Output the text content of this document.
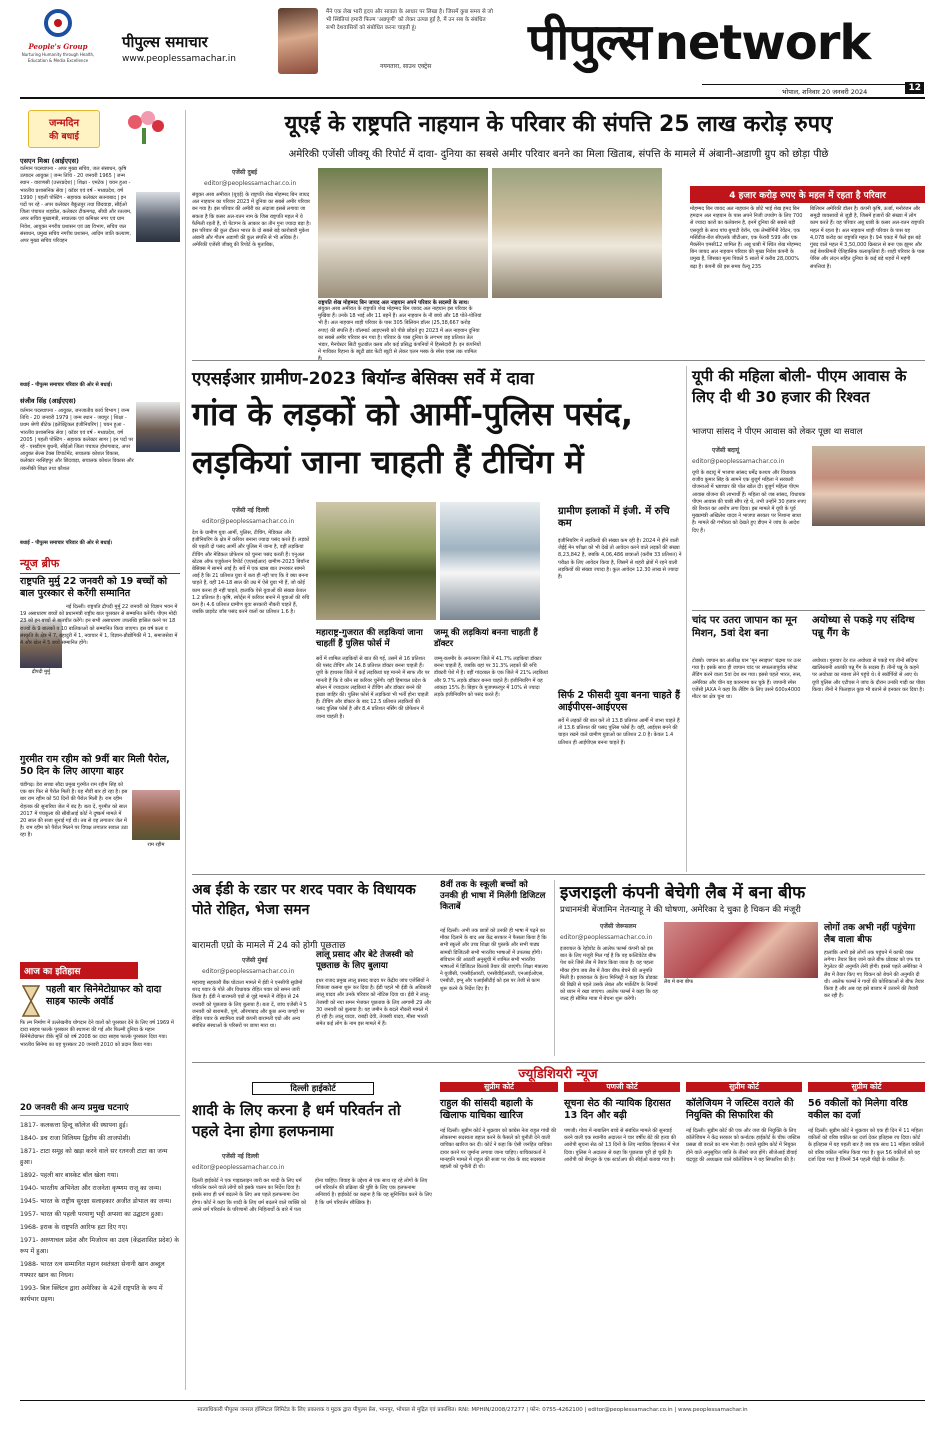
People's Group
Nurturing Humanity through Health, Education & Media Excellence
पीपुल्स समाचार
www.peoplessamachar.in
मैंने एक लेख भारी हृदय और सावता के आधार पर लिखा है। जिसमें कुछ समय से जो भी स्थितियां हमारी फिल्म 'अन्नपूर्णी' को लेकर उत्पन्न हुई है, मैं उन सब के संबंधित सभी देशवासियों को संबोधित करना चाहती हूं।
नयनतारा, साउथ एक्ट्रेस पीपुल्सnetwork
भोपाल, शनिवार 20 जनवरी 2024	12
जन्मदिन
की बधाई
एसएन मिश्रा (आईएएस)
वर्तमान पदस्थापना - अपर मुख्य सचिव, जल संसाधन, कृषि उत्पादन आयुक्त | जन्म तिथि - 20 जनवरी 1965 | जन्म स्थान - वाराणसी (उत्तरप्रदेश) | शिक्षा - एमटेक | चयन हुआ - भारतीय प्रशासनिक सेवा | कॉडर एवं वर्ष - मध्यप्रदेश, वर्ष 1990 | पहली पोस्टिंग - सहायक कलेक्टर सतनाबाद | इन पदों पर रहे - अपर कलेक्टर बैकुंठपुर तथा छिंदवाड़ा, सीईओ जिला पंचायत शहडोल, कलेक्टर टीकमगढ़, सीधी और रतलाम, अपर सचिव मुख्यमंत्री, सचालक एवं कमिश्नर नगर एवं ग्राम निवेश, आयुक्त नगरीय प्रशासन एवं उद्य विभाग, सचिव जल संसाधन, प्रमुख सचिव नगरीय प्रशासन, आदिम जाति कल्याण, अपर मुख्य सचिव परिवहन
बधाई - पीपुल्स समाचार परिवार की ओर से बधाई।
संजीव सिंह (आईएएस)
वर्तमान पदस्थापना - आयुक्त, जनजातीय कार्य विभाग | जन्म तिथि - 20 जनवरी 1979 | जन्म स्थान - जयपुर | शिक्षा - प्रथम श्रेणी बीटेक (इलेक्ट्रिकल इंजीनियरिंग) | चयन हुआ - भारतीय प्रशासनिक सेवा | कॉडर एवं वर्ष - मध्यप्रदेश, वर्ष 2005 | पहली पोस्टिंग - सहायक कलेक्टर सागर | इन पदों पर रहे - एसडीएम बुधनी, सीईओ जिला पंचायत होशंगाबाद, अपर आयुक्त सेल्स टैक्स डिपार्टमेंट, सचालक कोशल विकास, कलेक्टर नरसिंहपुर और छिंदवाड़ा, सचालक कोशल विकास और तकनीकी शिक्षा तथा कौशल
बधाई - पीपुल्स समाचार परिवार की ओर से बधाई।
न्यूज ब्रीफ
राष्ट्रपति मुर्मु 22 जनवरी को 19 बच्चों को बाल पुरस्कार से करेंगी सम्मानित
द्रौपदी मुर्मु
नई दिल्ली। राष्ट्रपति द्रौपदी मुर्मु 22 जनवरी को विज्ञान भवन में 19 असाधारण बच्चों को प्रधानमंत्री राष्ट्रीय बाल पुरस्कार से सम्मानित करेंगी। पीएम मोदी 23 को इन बच्चों से बातचीत करेंगे। इन सभी असाधारण उपलब्धि हासिल करने पर 18 राज्यों के 9 बालकों व 10 बालिकाओं को सम्मानित किया जाएगा। इस वर्ष कला व संस्कृति के क्षेत्र में 7, बहादुरी में 1, नवाचार में 1, विज्ञान-प्रौद्योगिकी में 1, समाजसेवा में 4 और खेल में 5 बच्चे सम्मानित होंगे।
गुरमीत राम रहीम को 9वीं बार मिली पैरोल, 50 दिन के लिए आएगा बाहर
राम रहीम
चंडीगढ़। डेरा सच्चा सौदा प्रमुख गुरमीत राम रहीम सिंह को एक बार फिर से पैरोल मिली है। यह नौवीं बार हो रहा है। इस बार राम रहीम को 50 दिनों की पैरोल मिली है। राम रहीम रोहतक की सुनारिया जेल में बंद है। बता दें, गुरमीत को साल 2017 में पंचकूला की सीबीआई कोर्ट ने दुष्कर्म मामले में 20 साल की सजा सुनाई गई थी। तब से वह लगातार जेल में है। राम रहीम को पैरोल मिलने पर विपक्ष लगातार सवाल उठा रहा है।
आज का इतिहास
पहली बार सिनेमेटोग्राफर को दादा साहब फाल्के अवॉर्ड
फि ल्म निर्माण में उल्लेखनीय योगदान देने वालों को पुरस्कार देने के लिए वर्ष 1969 में दादा साहब फाल्के पुरस्कार की स्थापना की गई और फिल्मी दुनिया के महान सिनेमेटोग्राफर वीके मूर्ति को वर्ष 2008 का दादा साहब फाल्के पुरस्कार दिया गया। भारतीय सिनेमा का यह पुरस्कार 20 जनवरी 2010 को प्रदान किया गया।
20 जनवरी की अन्य प्रमुख घटनाएं
1817- कलकत्ता हिन्दू कॉलेज की स्थापना हुई।
1840- डच राजा विलियम द्वितीय की ताजपोशी।
1871- टाटा समूह को खड़ा करने वाले सर रतनजी टाटा का जन्म हुआ।
1892- पहली बार बास्केट बॉल खेला गया।
1940- भारतीय अभिनेता और राजनेता कृष्णम राजू का जन्म।
1945- भारत के राष्ट्रीय सुरक्षा सलाहकार अजीत डोभाल का जन्म।
1957- भारत की पहली परमाणु भट्टी अप्सरा का उद्घाटन हुआ।
1968- इराक के राष्ट्रपति आरिफ हटा दिए गए।
1971- अरुणाचल प्रदेश और मिजोरम का उदय (केंद्रशासित प्रदेश) के रूप में हुआ।
1988- भारत रत्न सम्मानित महान स्वतंत्रता सेनानी खान अब्दुल गफ्फार खान का निधन।
1993- बिल क्लिंटन द्वारा अमेरिका के 42वें राष्ट्रपति के रूप में कार्यभार ग्रहण।
यूएई के राष्ट्रपति नाहयान के परिवार की संपत्ति 25 लाख करोड़ रुपए
अमेरिकी एजेंसी जीक्यू की रिपोर्ट में दावा- दुनिया का सबसे अमीर परिवार बनने का मिला खिताब, संपत्ति के मामले में अंबानी-अडाणी ग्रुप को छोड़ा पीछे
एजेंसी दुबई
editor@peoplessamachar.co.in
संयुक्त अरब अमीरात (यूएई) के राष्ट्रपति शेख मोहम्मद बिन जायद अल नाहयान का परिवार 2023 में दुनिया का सबसे अमीर परिवार बन गया है। इस परिवार की अमीरी का अंदाजा इससे लगाया जा सकता है कि कसर अल-वतन नाम के जिस राष्ट्रपति महल में ये फैमिली रहती है, वो पेंटागन के आकार का तीन गुना ज्यादा बड़ा है। इस परिवार की कुल दौलत भारत के दो सबसे बड़े कारोबारी मुकेश अंबानी और गौतम अडाणी की कुल संपत्ति से भी अधिक है। अमेरिकी एजेंसी जीक्यू की रिपोर्ट के मुताबिक,
राष्ट्रपति शेख मोहम्मद बिन जायद अल नाहयान अपने परिवार के सदस्यों के साथ।
संयुक्त अरब अमीरात के राष्ट्रपति शेख मोहम्मद बिन जायद अल नाहयान इस परिवार के मुखिया हैं। उनके 18 भाई और 11 बहनें हैं। अल नाहयान के नौ बच्चे और 18 पोते-पोतियां भी हैं। अल नाहयान शाही परिवार के पास 305 बिलियन डॉलर (25,38,667 करोड़ रुपए) की संपत्ति है। वॉलमार्ट आइएनसी को पीछे छोड़ते हुए 2023 में अल नाहयान दुनिया का सबसे अमीर परिवार बन गया है। परिवार के पास दुनिया के लगभग छह प्रतिशत तेल भंडार, मैनचेस्टर सिटी फुटबॉल क्लब और कई प्रसिद्ध कंपनियों में हिस्सेदारी है। इन कंपनियों में गायिका रिहाना के ब्यूटी ब्रांड फेंटी ब्यूटी से लेकर एलन मस्क के स्पेस एक्स तक शामिल
4 हजार करोड़ रुपए के महल में रहता है परिवार
मोहम्मद बिन जायद अल नाहयान के छोटे भाई शेख हमद बिन हमदान अल नाहयान के पास अपने निजी उपयोग के लिए 700 से ज्यादा कारों का कलेक्शन है, इनमें दुनिया की सबसे बड़ी एसयूवी के साथ पांच बुगाटी वेरॉन, एक लेम्बोर्गिनी रेवेंटन, एक मर्सिडीज-बेंज सीएलके जीटीआर, एक फेरारी 599 और एक मैक्लेरेन एमसी12 शामिल हैं। अबू धाबी में स्थित शेख मोहम्मद बिन जायद अल नाहयान परिवार की मुख्य निवेश कंपनी के प्रमुख हैं, जिसका मूल्य पिछले 5 सालों में करीब 28,000% बढ़ा है। कंपनी की इस समय वैल्यू 235
बिलियन अमेरिकी डॉलर है। कंपनी कृषि, ऊर्जा, मनोरंजन और समुद्री व्यवसायों से जुड़ी है, जिसमें हजारों की संख्या में लोग काम करते हैं। यह परिवार अबू धाबी के कसर अल-वतन राष्ट्रपति महल में रहता है। अल नाहयान शाही परिवार के पास यह 4,078 करोड़ का राष्ट्रपति महल है। 94 एकड़ में फैले इस बड़े गुंबद वाले महल में 3,50,000 क्रिस्टल से बना एक झूमर और कई बेशकीमती ऐतिहासिक कलाकृतियां हैं। शाही परिवार के पास पेरिस और लंदन सहित दुनिया के कई बड़े शहरों में महंगी संपत्तियां हैं।
एएसईआर ग्रामीण-2023 बियॉन्ड बेसिक्स सर्वे में दावा
गांव के लड़कों को आर्मी-पुलिस पसंद,
लड़कियां जाना चाहती हैं टीचिंग में
एजेंसी नई दिल्ली
editor@peoplessamachar.co.in
देश के ग्रामीण युवा आर्मी, पुलिस, टीचिंग, मेडिकल और इंजीनियरिंग के क्षेत्र में करियर बनाना ज्यादा पसंद करते हैं। लड़कों की पहली दो पसंद आर्मी और पुलिस में जाना है, वहीं लड़कियां टीचिंग और मेडिकल प्रोफेशन को चुनना पसंद करती हैं। एनुअल स्टेटस ऑफ एजुकेशन रिपोर्ट (एएसईआर) ग्रामीण-2023 बियॉन्ड बेसिक्स में सामने आई है। सर्वे में एक खास बात उभरकर सामने आई है कि 21 प्रतिशत युवा ये बता ही नहीं पाए कि वे क्या बनना चाहते हैं, वहीं 14-18 साल की उम्र में ऐसे युवा भी हैं, जो कोई काम करना ही नहीं चाहते, हालांकि ऐसे युवाओं की संख्या केवल 1.2 प्रतिशत है। कृषि, स्पोर्ट्स में करियर बनाने में युवाओं की रुचि कम है। 4.6 प्रतिशत ग्रामीण युवा सरकारी नौकरी चाहते हैं, जबकि प्राइवेट जॉब पसंद करने वालों का प्रतिशत 1.6 है।
महाराष्ट्र-गुजरात की लड़कियां जाना चाहतीं हैं पुलिस फोर्स में
सर्वे में शामिल लड़कियों से बात की गई, उसमें से 16 प्रतिशत की पसंद टीचिंग और 14.8 प्रतिशत डॉक्टर बनना चाहती हैं। यूपी के हाथरस जिले में कई लड़कियां यह मानने में साफ तौर पर मानती हैं कि वे कौन सा करियर चुनेंगी। वहीं हिमाचल प्रदेश के सोलन में ज्यादातर लड़कियां ने टीचिंग और डॉक्टर बनने की इच्छा जाहिर की। पुलिस फोर्स में लड़कियां भी भर्ती होना चाहती हैं। टीचिंग और डॉक्टर के बाद 12.5 प्रतिशत लड़कियों की पसंद पुलिस फोर्स है और 8.4 प्रतिशत नर्सिंग की प्रोफेशन में जाना चाहती हैं।
जम्मू की लड़कियां बनना चाहती हैं डॉक्टर
जम्मू-कश्मीर के अनंतनाग जिले में 41.7% लड़कियां डॉक्टर बनना चाहती हैं, जबकि यहां पर 31.3% लड़कों की रुचि डॉक्टरी पेशे में है। वहीं गांदरबल के एक जिले में 21% लड़कियां और 9.7% लड़के डॉक्टर बनना चाहते हैं। इंजीनियरिंग में यह आंकड़ा 15% है। बिहार के मुजफ्फरपुर में 10% से ज्यादा लड़के इंजीनियरिंग को पसंद करते हैं।
ग्रामीण इलाकों में इंजी. में रुचि कम
इंजीनियरिंग में लड़कियों की संख्या कम रही है। 2024 में होने वाली जेईई मेन परीक्षा को भी देखें तो आवेदन करने वाले लड़कों की संख्या 8,23,842 है, जबकि 4,06,486 छात्राओं (करीब 33 प्रतिशत) ने परीक्षा के लिए आवेदन किया है, जिसमें से शहरी क्षेत्रों में रहने वाली लड़कियों की संख्या ज्यादा है। कुल आवेदन 12.30 लाख से ज्यादा हैं।
सिर्फ 2 फीसदी युवा बनना चाहते हैं आईपीएस-आईएएस
सर्वे में लड़कों की बात करें तो 13.8 प्रतिशत आर्मी में जाना चाहते हैं तो 13.6 प्रतिशत की पसंद पुलिस फोर्स है। वहीं, आईएस बनने की चाहत रखने वाले ग्रामीण युवाओं का प्रतिशत 2.0 है। केवल 1.4 प्रतिशत ही आईपीएस बनना चाहते हैं।
यूपी की महिला बोली- पीएम आवास के लिए दी थी 30 हजार की रिश्वत
भाजपा सांसद ने पीएम आवास को लेकर पूछा था सवाल
एजेंसी बदायूं
editor@peoplessamachar.co.in
यूपी के बदायूं में भाजपा सांसद धर्मेंद्र कश्यप और विधायक राजीव कुमार सिंह के सामने एक बुजुर्ग महिला ने सरकारी योजनाओं में भ्रष्टाचार की पोल खोल दी। बुजुर्ग महिला पीएम आवास योजना की लाभार्थी हैं। महिला को जब सांसद, विधायक पीएम आवास की चाबी सौंप रहे थे, तभी उन्होंने 30 हजार रुपए की रिश्वत का आरोप लगा दिया। इस मामले में यूपी के पूर्व मुख्यमंत्री अखिलेश यादव ने भाजपा सरकार पर निशाना साधा है। मामले की गंभीरता को देखते हुए डीएम ने जांच के आदेश दिए हैं।
चांद पर उतरा जापान का मून मिशन, 5वां देश बना
टोक्यो। जापान का अंतरिक्ष यान 'मून स्नाइपर' चंद्रमा पर उतर गया है। इसके साथ ही जापान चांद पर सफलतापूर्वक सॉफ्ट लैंडिंग करने वाला 5वां देश बन गया। इससे पहले भारत, रूस, अमेरिका और चीन यह कारनामा कर चुके हैं। जापानी स्पेस एजेंसी JAXA ने कहा कि लैंडिंग के लिए उसने 600x4000 मीटर का क्षेत्र चुना था।
अयोध्या से पकड़े गए संदिग्ध पन्नू गैंग के
अयोध्या। गुरुवार देर रात अयोध्या से पकड़े गए तीनों संदिग्ध खालिस्तानी आतंकी पन्नू गैंग के सदस्य हैं। तीनों पन्नू के कहने पर अयोध्या का नक्शा लेने पहुंचे थे। ये स्कॉर्पियो से आए थे। यूपी पुलिस और एटीएस ने जांच के दौरान उनकी गाड़ी का पीछा किया। तीनों ने फिलहाल कुछ भी बताने से इनकार कर दिया है।
अब ईडी के रडार पर शरद पवार के विधायक पोते रोहित, भेजा समन
बारामती एग्रो के मामले में 24 को होगी पूछताछ
एजेंसी मुंबई
editor@peoplessamachar.co.in
महाराष्ट्र सहकारी बैंक घोटाला मामले में ईडी ने एनसीपी सुप्रीमो शरद पवार के पोते और विधायक रोहित पवार को समन जारी किया है। ईडी ने बारामती एग्रो से जुड़े मामले में रोहित से 24 जनवरी को पूछताछ के लिए बुलाया है। बता दें, जांच एजेंसी ने 5 जनवरी को बारामती, पुणे, औरंगाबाद और कुछ अन्य जगहों पर रोहित पवार के स्वामित्व वाली कंपनी बारामती एग्रो और अन्य संबंधित संस्थाओं के परिसरों पर छापा मारा था।
लालू प्रसाद और बेटे तेजस्वी को पूछताछ के लिए बुलाया
इधर राजद प्रमुख लालू प्रसाद यादव पर केंद्रीय जांच एजेंसियों ने शिकंजा कसना शुरू कर दिया है। ईडी पहले भी ईडी के अधिकारी लालू यादव और उनके परिवार को नोटिस दिया था। ईडी ने लालू-तेजस्वी को नया समन भेजकर पूछताछ के लिए आगामी 29 और 30 जनवरी को बुलाया है। यह जमीन के बदले नौकरी मामले में हो रही है। लालू यादव, राबड़ी देवी, तेजस्वी यादव, मीसा भारती समेत कई लोग के नाम इस मामले में हैं।
8वीं तक के स्कूली बच्चों को उनकी ही भाषा में मिलेंगी डिजिटल किताबें
नई दिल्ली। अभी तक छात्रों को उनकी ही भाषा में पढ़ने का मौका दिलाने के बाद अब केंद्र सरकार ने फैसला किया है कि सभी स्कूलों और उच्च शिक्षा की पुस्तकें और सभी पाठ्य सामग्री डिजिटली सभी भारतीय भाषाओं में उपलब्ध होंगी। संविधान की आठवीं अनुसूची में शामिल सभी भारतीय भाषाओं में डिजिटल किताबें तैयार की जाएंगी। शिक्षा मंत्रालय ने यूजीसी, एनसीईआरटी, एनसीवीईआरटी, एनआईओएस, एनबीटी, इग्नू और एआईसीटीई को इस पर तेजी से काम शुरू करने के निर्देश दिए हैं।
इजराइली कंपनी बेचेगी लैब में बना बीफ
प्रधानमंत्री बेंजामिन नेतन्याहू ने की घोषणा, अमेरिका दे चुका है चिकन की मंजूरी
एजेंसी जेरूसलम
editor@peoplessamachar.co.in
इजरायल के रेहोवोट के आलेफ फार्म्स कंपनी को इस बात के लिए मंजूरी मिल गई है कि वह कल्टिवेटेड बीफ पेश करे जिसे लैब में तैयार किया जाता है। यह पहला मौका होगा जब लैब में तैयार बीफ बेचने की अनुमति मिली है। इजरायल के हेल्थ मिनिस्ट्री ने कहा कि प्रोडक्ट की बिक्री से पहले उसके लेबल और मार्केटिंग के नियमों को ध्यान में रखा जाएगा। आलेफ फार्म्स ने कहा कि वह जल्द ही सीमित मात्रा में बेचना शुरू करेगी।
लैब में बना बीफ
लोगों तक अभी नहीं पहुंचेगा लैब वाला बीफ
हालांकि अभी इसे लोगों तक पहुंचने में काफी वक्त लगेगा। तैयार किए जाने वाले बीफ प्रोडक्ट को एफ एंड रेगुलेटर की अनुमति लेनी होगी। इससे पहले अमेरिका ने लैब में तैयार किए गए चिकन को बेचने की अनुमति दी थी। आलेफ फार्म्स ने गायों की कोशिकाओं से बीफ तैयार किया है और अब वह इसे बाजार में उतारने की तैयारी कर रही है।
ज्यूडिशियरी न्यूज
दिल्ली हाईकोर्ट
शादी के लिए करना है धर्म परिवर्तन तो पहले देना होगा हलफनामा
एजेंसी नई दिल्ली
editor@peoplessamachar.co.in
दिल्ली हाईकोर्ट ने एक गाइडलाइन जारी कर शादी के लिए धर्म परिवर्तन करने वाले लोगों को इसके पालन का निर्देश दिया है। इसके साथ ही धर्म बदलने के लिए अब पहले हलफनामा देना होगा। कोर्ट ने कहा कि शादी के लिए धर्म बदलने वाले व्यक्ति को अपने धर्म परिवर्तन के परिणामों और निहितार्थों के बारे में पता होना चाहिए। विवाह के उद्देश्य से एक साथ रह रहे लोगों के लिए धर्म परिवर्तन की प्रक्रिया की पुष्टि के लिए एक हलफनामा अनिवार्य है। हाईकोर्ट का कहना है कि यह सुनिश्चित करने के लिए है कि धर्म परिवर्तन स्वैच्छिक है।
सुप्रीम कोर्ट
राहुल की सांसदी बहाली के खिलाफ याचिका खारिज
नई दिल्ली। सुप्रीम कोर्ट ने शुक्रवार को कांग्रेस नेता राहुल गांधी की लोकसभा सदस्यता बहाल करने के फैसले को चुनौती देने वाली याचिका खारिज कर दी। कोर्ट ने कहा कि ऐसी जनहित याचिका दायर करने पर जुर्माना लगाया जाना चाहिए। याचिकाकर्ता ने मानहानि मामले में राहुल की सजा पर रोक के बाद सदस्यता बहाली को चुनौती दी थी।
पणजी कोर्ट
सूचना सेठ की न्यायिक हिरासत 13 दिन और बढ़ी
पणजी। गोवा में नाबालिग बच्चे से संबंधित मामले की सुनवाई करने वाली एक स्थानीय अदालत ने चार वर्षीय बेटे की हत्या की आरोपी सूचना सेठ को 13 दिनों के लिए न्यायिक हिरासत में भेज दिया। पुलिस ने अदालत से कहा कि पूछताछ पूरी हो चुकी है। आरोपी को बेंगलुरु के एक स्टार्टअप की सीईओ बताया गया है।
सुप्रीम कोर्ट
कॉलेजियम ने जस्टिस वराले की नियुक्ति की सिफारिश की
नई दिल्ली। सुप्रीम कोर्ट की एक और जज की नियुक्ति के लिए कॉलेजियम ने केंद्र सरकार को कर्नाटक हाईकोर्ट के चीफ जस्टिस प्रसन्ना बी वराले का नाम भेजा है। वराले सुप्रीम कोर्ट में नियुक्त होने वाले अनुसूचित जाति के तीसरे जज होंगे। सीजेआई डीवाई चंद्रचूड़ की अध्यक्षता वाले कॉलेजियम ने यह सिफारिश की है।
सुप्रीम कोर्ट
56 वकीलों को मिलेगा वरिष्ठ वकील का दर्जा
नई दिल्ली। सुप्रीम कोर्ट ने शुक्रवार को एक ही दिन में 11 महिला वकीलों को वरिष्ठ वकील का दर्जा देकर इतिहास रच दिया। कोर्ट के इतिहास में यह पहली बार है जब एक साथ 11 महिला वकीलों को वरिष्ठ वकील नामित किया गया है। कुल 56 वकीलों को यह दर्जा दिया गया है जिनमें 34 पहली पीढ़ी के वकील हैं।
स्वत्वाधिकारी पीपुल्स जनरल हॉस्पिटल लिमिटेड के लिए प्रकाशक व मुद्रक द्वारा पीपुल्स प्रेस, भानपुर, भोपाल से मुद्रित एवं प्रकाशित। RNI: MPHIN/2008/27277 | फोन: 0755-4262100 | editor@peoplessamachar.co.in | www.peoplessamachar.in
